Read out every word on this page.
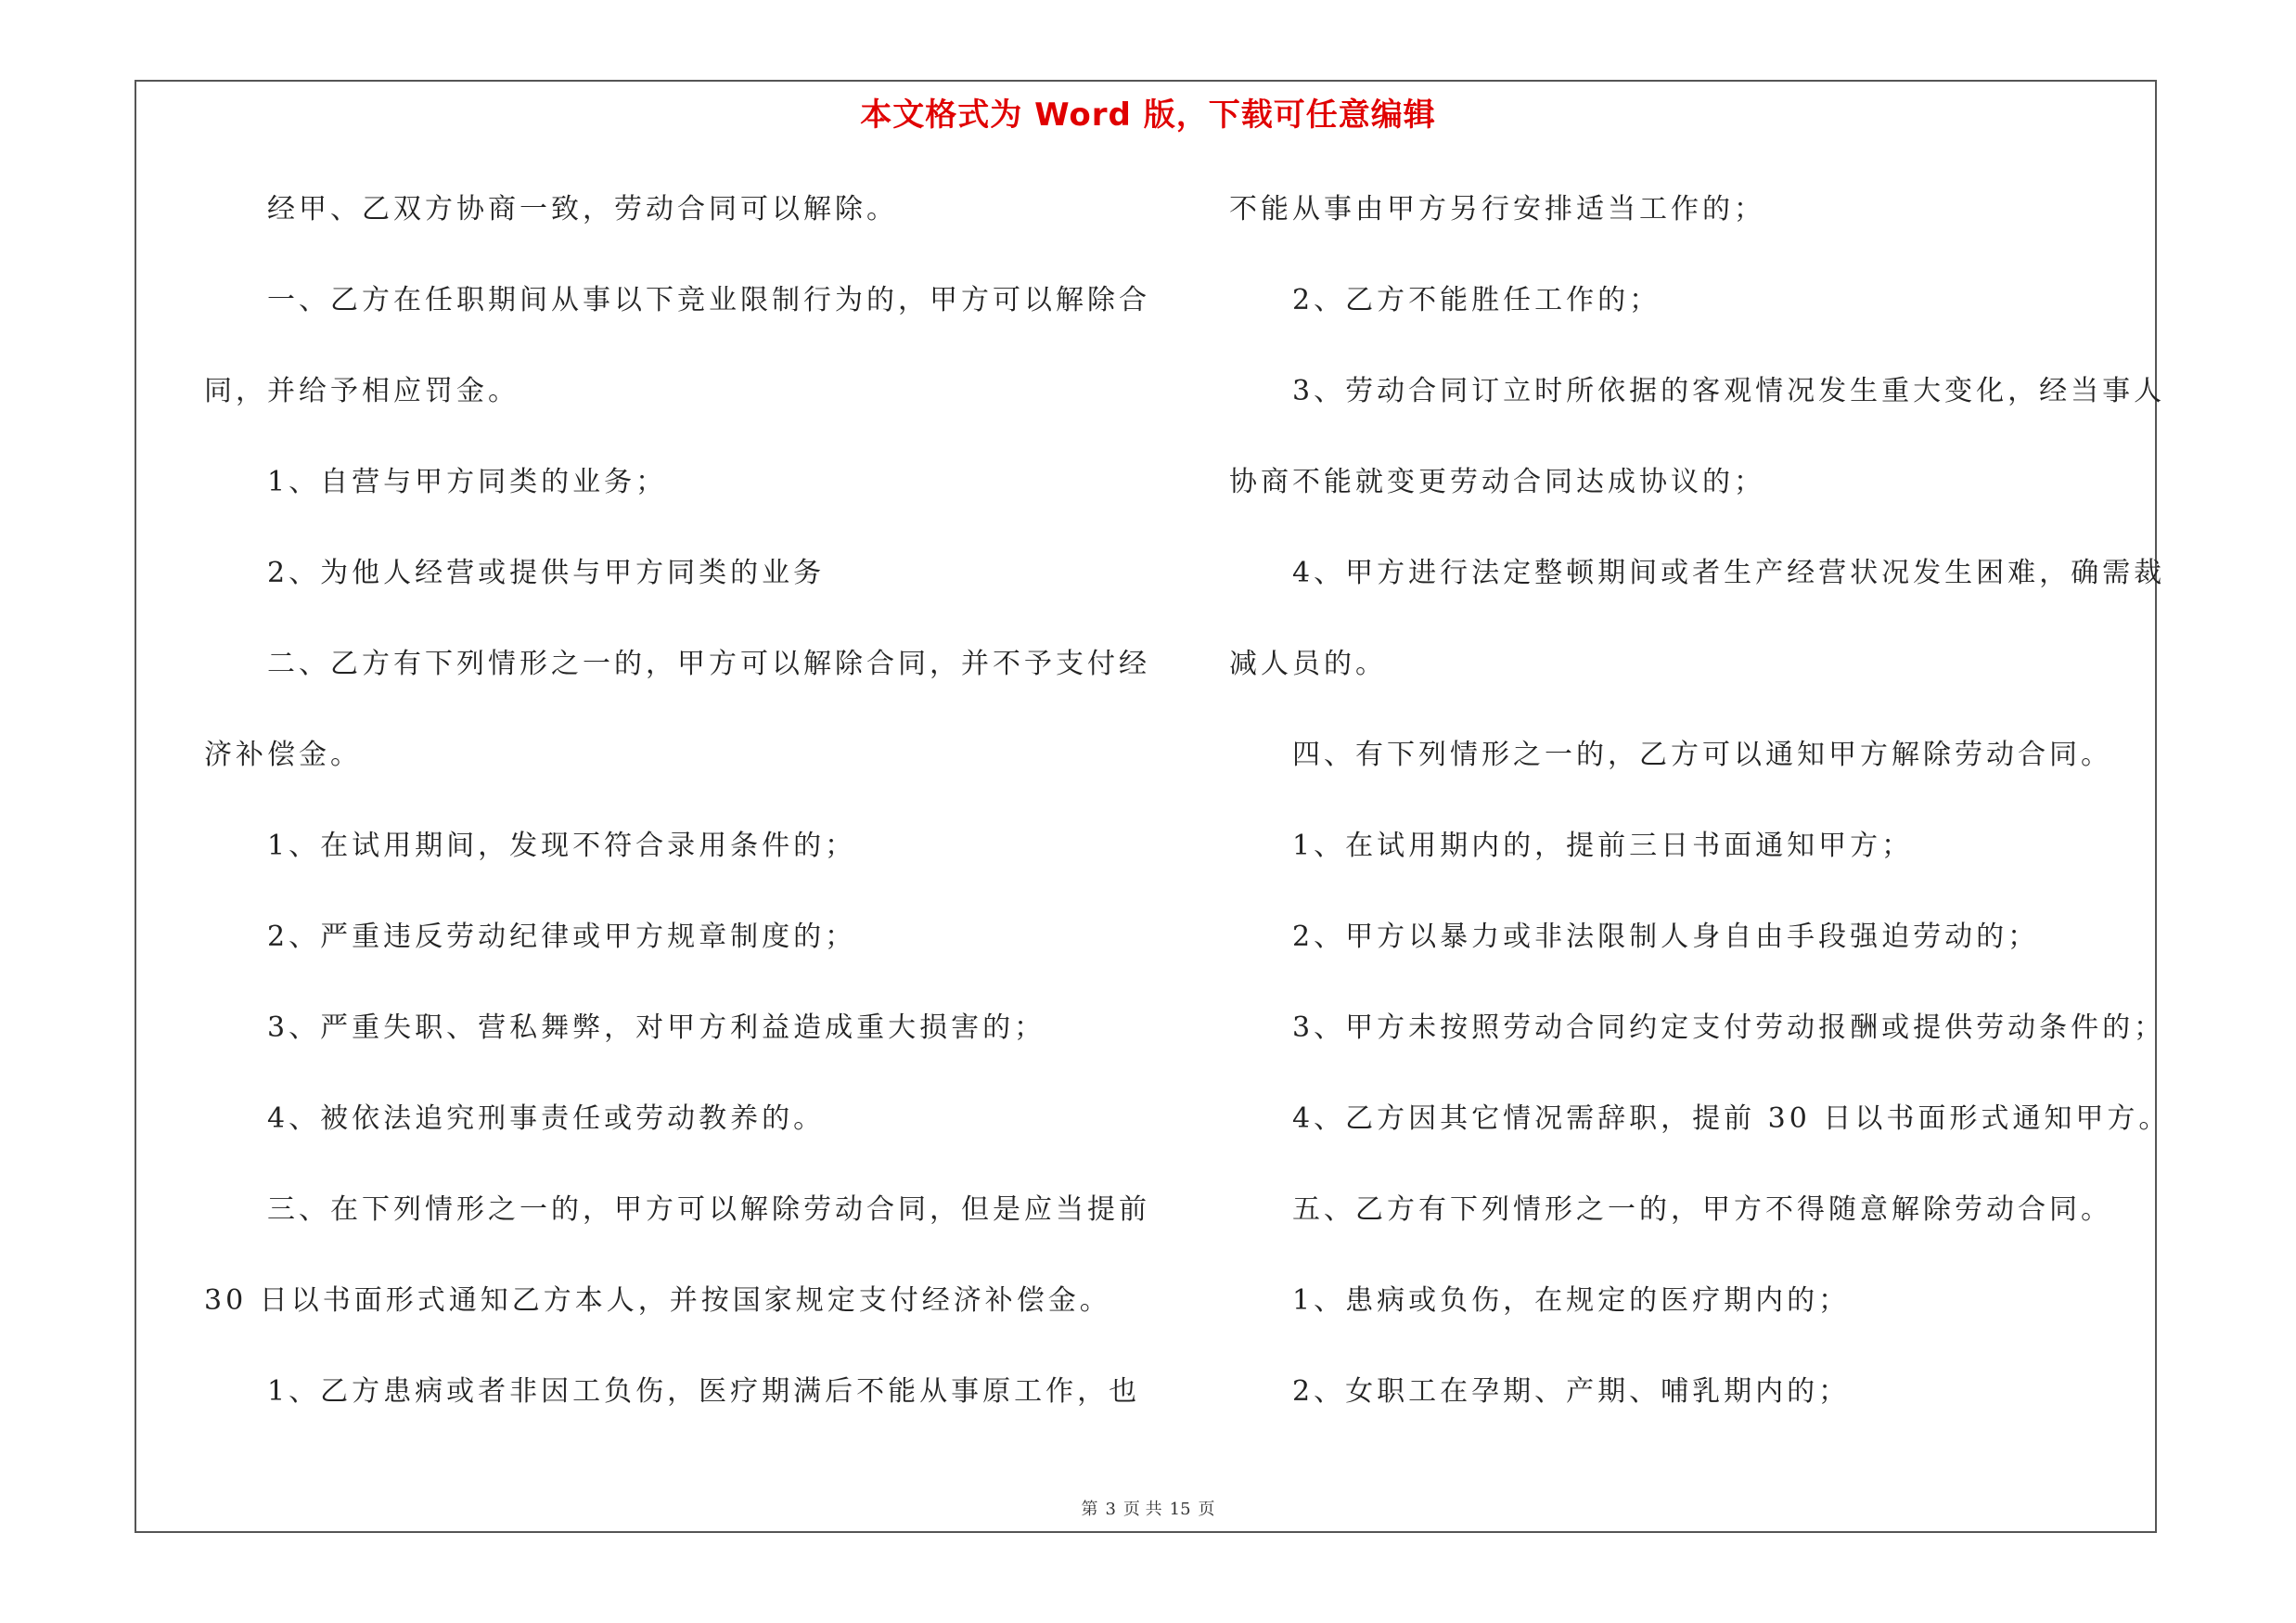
本文格式为 Word 版，下载可任意编辑
经甲、乙双方协商一致，劳动合同可以解除。
一、乙方在任职期间从事以下竞业限制行为的，甲方可以解除合
同，并给予相应罚金。
1、自营与甲方同类的业务；
2、为他人经营或提供与甲方同类的业务
二、乙方有下列情形之一的，甲方可以解除合同，并不予支付经
济补偿金。
1、在试用期间，发现不符合录用条件的；
2、严重违反劳动纪律或甲方规章制度的；
3、严重失职、营私舞弊，对甲方利益造成重大损害的；
4、被依法追究刑事责任或劳动教养的。
三、在下列情形之一的，甲方可以解除劳动合同，但是应当提前
30 日以书面形式通知乙方本人，并按国家规定支付经济补偿金。
1、乙方患病或者非因工负伤，医疗期满后不能从事原工作，也
不能从事由甲方另行安排适当工作的；
2、乙方不能胜任工作的；
3、劳动合同订立时所依据的客观情况发生重大变化，经当事人
协商不能就变更劳动合同达成协议的；
4、甲方进行法定整顿期间或者生产经营状况发生困难，确需裁
减人员的。
四、有下列情形之一的，乙方可以通知甲方解除劳动合同。
1、在试用期内的，提前三日书面通知甲方；
2、甲方以暴力或非法限制人身自由手段强迫劳动的；
3、甲方未按照劳动合同约定支付劳动报酬或提供劳动条件的；
4、乙方因其它情况需辞职，提前 30 日以书面形式通知甲方。
五、乙方有下列情形之一的，甲方不得随意解除劳动合同。
1、患病或负伤，在规定的医疗期内的；
2、女职工在孕期、产期、哺乳期内的；
第 3 页 共 15 页
